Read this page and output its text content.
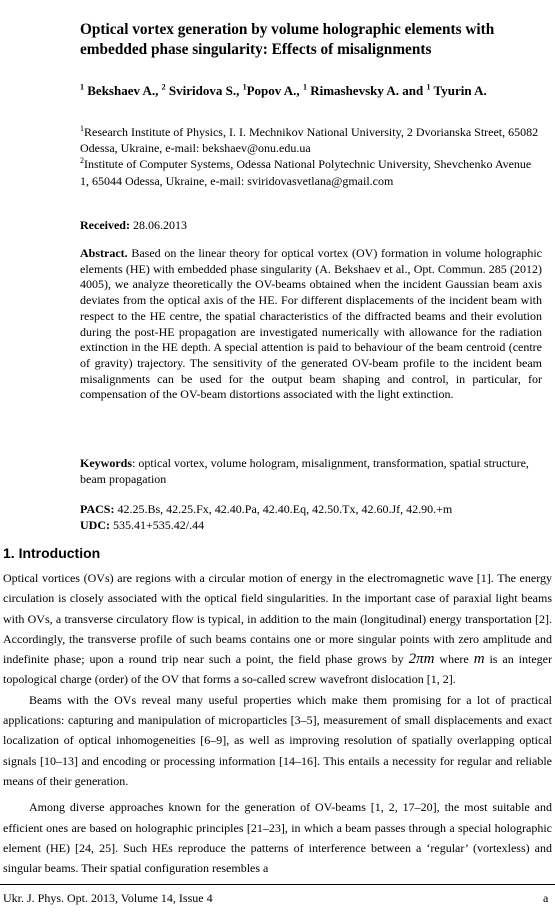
Optical vortex generation by volume holographic elements with embedded phase singularity: Effects of misalignments
$^1$ Bekshaev A., $^2$ Sviridova S., $^1$Popov A., $^1$ Rimashevsky A. and $^1$ Tyurin A.
$^1$Research Institute of Physics, I. I. Mechnikov National University, 2 Dvorianska Street, 65082 Odessa, Ukraine, e-mail: bekshaev@onu.edu.ua
$^2$Institute of Computer Systems, Odessa National Polytechnic University, Shevchenko Avenue 1, 65044 Odessa, Ukraine, e-mail: sviridovasvetlana@gmail.com
Received: 28.06.2013
Abstract. Based on the linear theory for optical vortex (OV) formation in volume holographic elements (HE) with embedded phase singularity (A. Bekshaev et al., Opt. Commun. 285 (2012) 4005), we analyze theoretically the OV-beams obtained when the incident Gaussian beam axis deviates from the optical axis of the HE. For different displacements of the incident beam with respect to the HE centre, the spatial characteristics of the diffracted beams and their evolution during the post-HE propagation are investigated numerically with allowance for the radiation extinction in the HE depth. A special attention is paid to behaviour of the beam centroid (centre of gravity) trajectory. The sensitivity of the generated OV-beam profile to the incident beam misalignments can be used for the output beam shaping and control, in particular, for compensation of the OV-beam distortions associated with the light extinction.
Keywords: optical vortex, volume hologram, misalignment, transformation, spatial structure, beam propagation
PACS: 42.25.Bs, 42.25.Fx, 42.40.Pa, 42.40.Eq, 42.50.Tx, 42.60.Jf, 42.90.+m
UDC: 535.41+535.42/.44
1. Introduction

Optical vortices (OVs) are regions with a circular motion of energy in the electromagnetic wave [1]. The energy circulation is closely associated with the optical field singularities. In the important case of paraxial light beams with OVs, a transverse circulatory flow is typical, in addition to the main (longitudinal) energy transportation [2]. Accordingly, the transverse profile of such beams contains one or more singular points with zero amplitude and indefinite phase; upon a round trip near such a point, the field phase grows by 2πm where m is an integer topological charge (order) of the OV that forms a so-called screw wavefront dislocation [1, 2].

Beams with the OVs reveal many useful properties which make them promising for a lot of practical applications: capturing and manipulation of microparticles [3–5], measurement of small displacements and exact localization of optical inhomogeneities [6–9], as well as improving resolution of spatially overlapping optical signals [10–13] and encoding or processing information [14–16]. This entails a necessity for regular and reliable means of their generation.

Among diverse approaches known for the generation of OV-beams [1, 2, 17–20], the most suitable and efficient ones are based on holographic principles [21–23], in which a beam passes through a special holographic element (HE) [24, 25]. Such HEs reproduce the patterns of interference between a ‘regular’ (vortexless) and singular beams. Their spatial configuration resembles a

Ukr. J. Phys. Opt. 2013, Volume 14, Issue 4	a
